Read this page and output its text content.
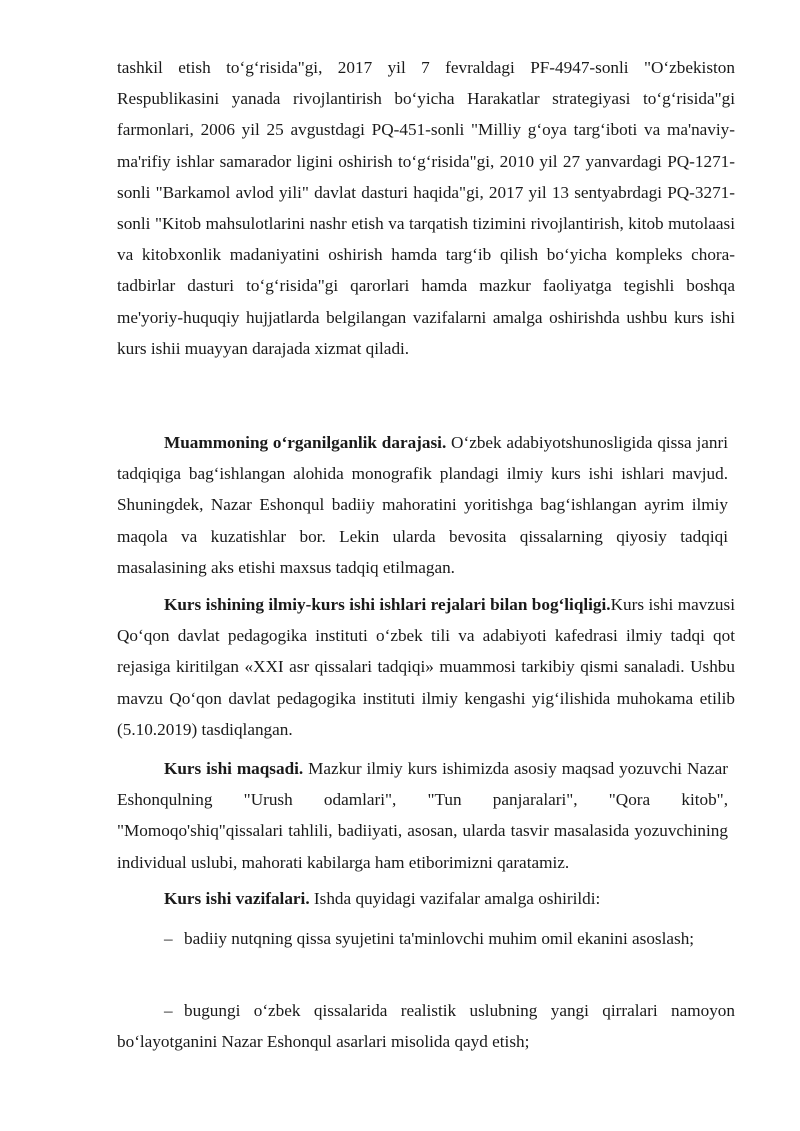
tashkil etish to‘g‘risida"gi, 2017 yil 7 fevraldagi PF-4947-sonli "O‘zbekiston Respublikasini yanada rivojlantirish bo‘yicha Harakatlar strategiyasi to‘g‘risida"gi farmonlari, 2006 yil 25 avgustdagi PQ-451-sonli "Milliy g‘oya targ‘iboti va ma'naviy-ma'rifiy ishlar samarador ligini oshirish to‘g‘risida"gi, 2010 yil 27 yanvardagi PQ-1271-sonli "Barkamol avlod yili" davlat dasturi haqida"gi, 2017 yil 13 sentyabrdagi PQ-3271-sonli "Kitob mahsulotlarini nashr etish va tarqatish tizimini rivojlantirish, kitob mutolaasi va kitobxonlik madaniyatini oshirish hamda targ‘ib qilish bo‘yicha kompleks chora-tadbirlar dasturi to‘g‘risida"gi qarorlari hamda mazkur faoliyatga tegishli boshqa me'yoriy-huquqiy hujjatlarda belgilangan vazifalarni amalga oshirishda ushbu kurs ishi kurs ishii muayyan darajada xizmat qiladi.

Muammoning o‘rganilganlik darajasi. O‘zbek adabiyotshunosligida qissa janri tadqiqiga bag‘ishlangan alohida monografik plandagi ilmiy kurs ishi ishlari mavjud. Shuningdek, Nazar Eshonqul badiiy mahoratini yoritishga bag‘ishlangan ayrim ilmiy maqola va kuzatishlar bor. Lekin ularda bevosita qissalarning qiyosiy tadqiqi masalasining aks etishi maxsus tadqiq etilmagan.

Kurs ishining ilmiy-kurs ishi ishlari rejalari bilan bog‘liqligi.Kurs ishi mavzusi Qo‘qon davlat pedagogika instituti o‘zbek tili va adabiyoti kafedrasi ilmiy tadqi qot rejasiga kiritilgan «XXI asr qissalari tadqiqi» muammosi tarkibiy qismi sanaladi. Ushbu mavzu Qo‘qon davlat pedagogika instituti ilmiy kengashi yig‘ilishida muhokama etilib (5.10.2019) tasdiqlangan.

Kurs ishi maqsadi. Mazkur ilmiy kurs ishimizda asosiy maqsad yozuvchi Nazar Eshonqulning "Urush odamlari", "Tun panjaralari", "Qora kitob", "Momoqo'shiq"qissalari tahlili, badiiyati, asosan, ularda tasvir masalasida yozuvchining individual uslubi, mahorati kabilarga ham etiborimizni qaratamiz.

Kurs ishi vazifalari. Ishda quyidagi vazifalar amalga oshirildi:

– badiiy nutqning qissa syujetini ta'minlovchi muhim omil ekanini asoslash;

– bugungi o‘zbek qissalarida realistik uslubning yangi qirralari namoyon bo‘layotganini Nazar Eshonqul asarlari misolida qayd etish;
